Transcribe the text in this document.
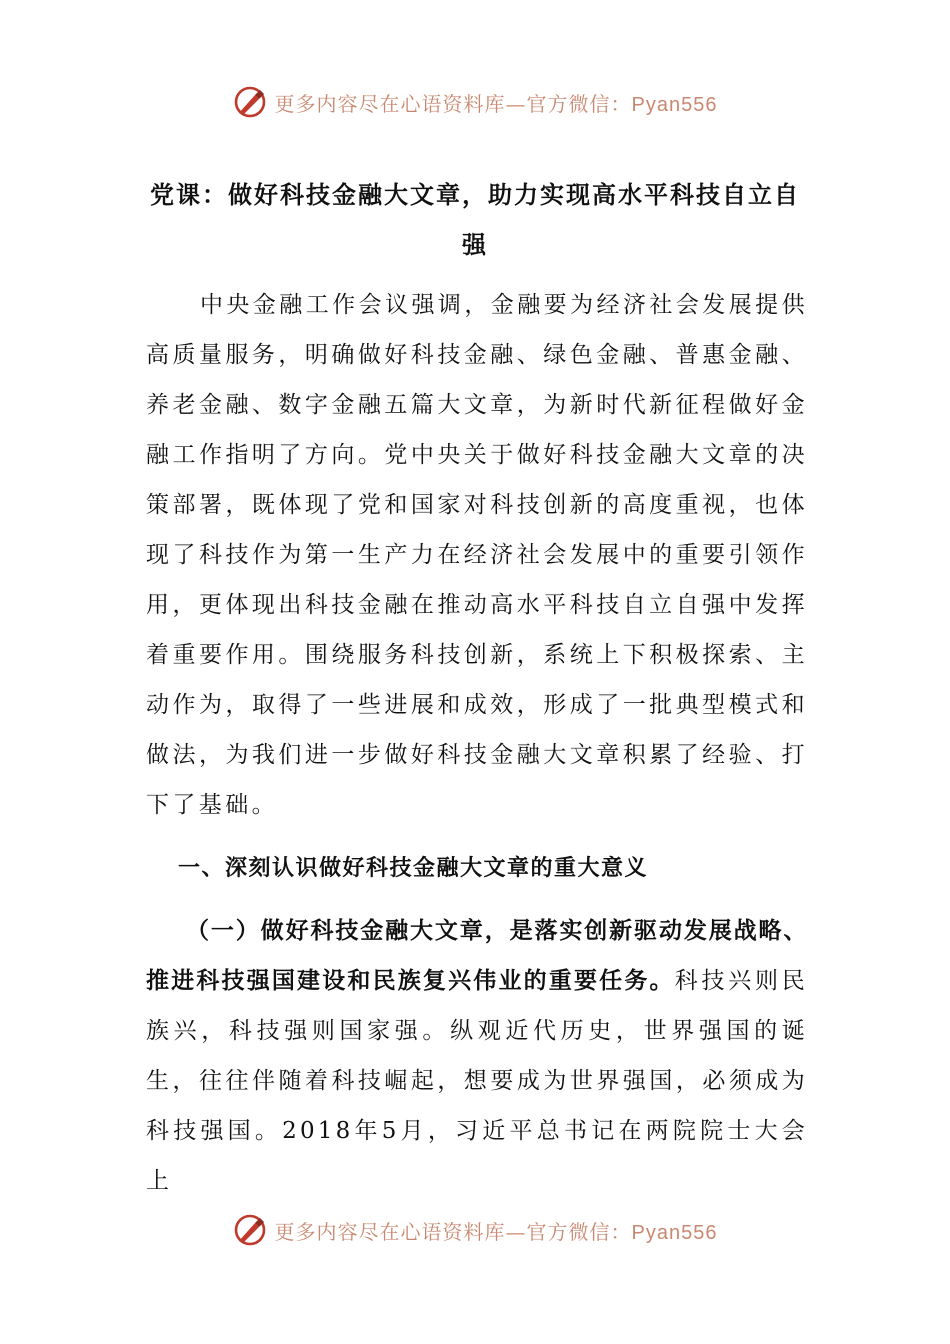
更多内容尽在心语资料库—官方微信：Pyan556
党课：做好科技金融大文章，助力实现高水平科技自立自强

中央金融工作会议强调，金融要为经济社会发展提供高质量服务，明确做好科技金融、绿色金融、普惠金融、养老金融、数字金融五篇大文章，为新时代新征程做好金融工作指明了方向。党中央关于做好科技金融大文章的决策部署，既体现了党和国家对科技创新的高度重视，也体现了科技作为第一生产力在经济社会发展中的重要引领作用，更体现出科技金融在推动高水平科技自立自强中发挥着重要作用。围绕服务科技创新，系统上下积极探索、主动作为，取得了一些进展和成效，形成了一批典型模式和做法，为我们进一步做好科技金融大文章积累了经验、打下了基础。

一、深刻认识做好科技金融大文章的重大意义

（一）做好科技金融大文章，是落实创新驱动发展战略、推进科技强国建设和民族复兴伟业的重要任务。科技兴则民族兴，科技强则国家强。纵观近代历史，世界强国的诞生，往往伴随着科技崛起，想要成为世界强国，必须成为科技强国。2018年5月，习近平总书记在两院院士大会上

更多内容尽在心语资料库—官方微信：Pyan556
